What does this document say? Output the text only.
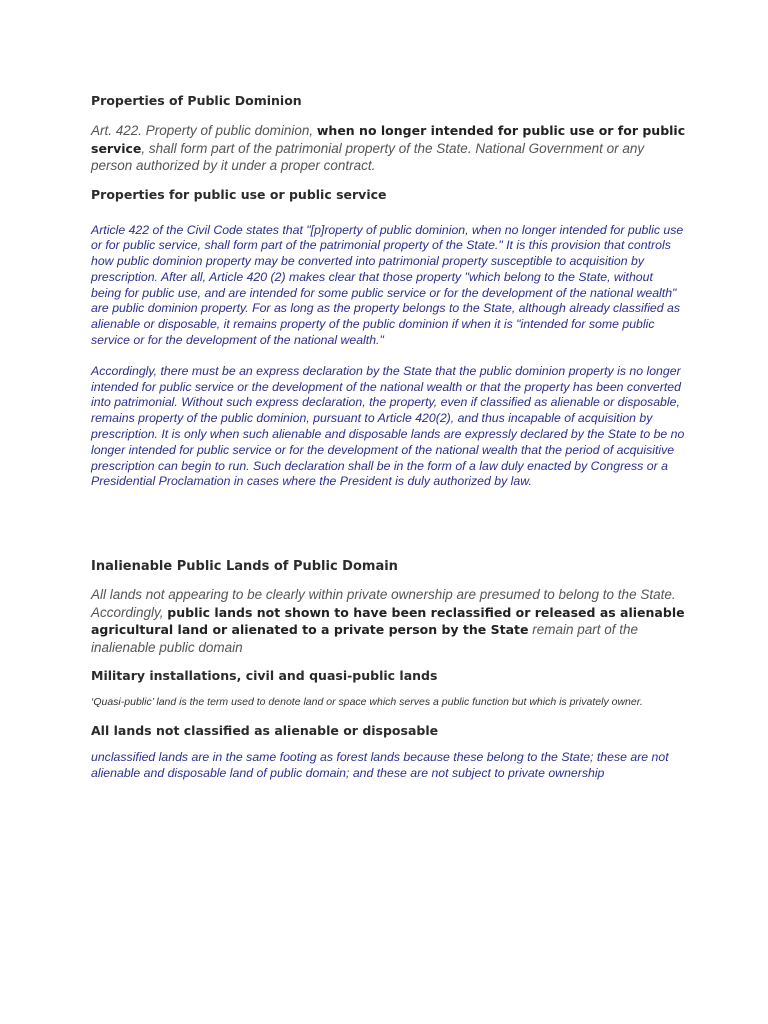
Properties of Public Dominion

Art. 422. Property of public dominion, when no longer intended for public use or for public service, shall form part of the patrimonial property of the State. National Government or any person authorized by it under a proper contract.

Properties for public use or public service

Article 422 of the Civil Code states that "[p]roperty of public dominion, when no longer intended for public use or for public service, shall form part of the patrimonial property of the State." It is this provision that controls how public dominion property may be converted into patrimonial property susceptible to acquisition by prescription. After all, Article 420 (2) makes clear that those property "which belong to the State, without being for public use, and are intended for some public service or for the development of the national wealth" are public dominion property. For as long as the property belongs to the State, although already classified as alienable or disposable, it remains property of the public dominion if when it is "intended for some public service or for the development of the national wealth."

Accordingly, there must be an express declaration by the State that the public dominion property is no longer intended for public service or the development of the national wealth or that the property has been converted into patrimonial. Without such express declaration, the property, even if classified as alienable or disposable, remains property of the public dominion, pursuant to Article 420(2), and thus incapable of acquisition by prescription. It is only when such alienable and disposable lands are expressly declared by the State to be no longer intended for public service or for the development of the national wealth that the period of acquisitive prescription can begin to run. Such declaration shall be in the form of a law duly enacted by Congress or a Presidential Proclamation in cases where the President is duly authorized by law.

Inalienable Public Lands of Public Domain

All lands not appearing to be clearly within private ownership are presumed to belong to the State. Accordingly, public lands not shown to have been reclassified or released as alienable agricultural land or alienated to a private person by the State remain part of the inalienable public domain

Military installations, civil and quasi-public lands

‘Quasi-public’ land is the term used to denote land or space which serves a public function but which is privately owner.

All lands not classified as alienable or disposable

unclassified lands are in the same footing as forest lands because these belong to the State; these are not alienable and disposable land of public domain; and these are not subject to private ownership
